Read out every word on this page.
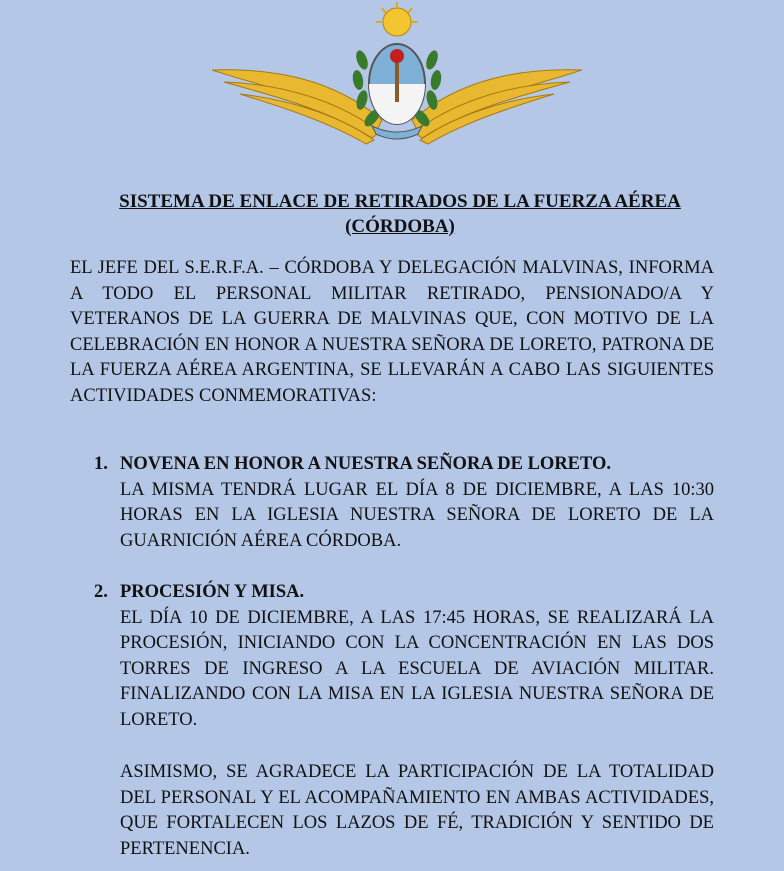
SISTEMA DE ENLACE DE RETIRADOS DE LA FUERZA AÉREA
(CÓRDOBA)
EL JEFE DEL S.E.R.F.A. – CÓRDOBA Y DELEGACIÓN MALVINAS, INFORMA A TODO EL PERSONAL MILITAR RETIRADO, PENSIONADO/A Y VETERANOS DE LA GUERRA DE MALVINAS QUE, CON MOTIVO DE LA CELEBRACIÓN EN HONOR A NUESTRA SEÑORA DE LORETO, PATRONA DE LA FUERZA AÉREA ARGENTINA, SE LLEVARÁN A CABO LAS SIGUIENTES ACTIVIDADES CONMEMORATIVAS:
1. NOVENA EN HONOR A NUESTRA SEÑORA DE LORETO.
LA MISMA TENDRÁ LUGAR EL DÍA 8 DE DICIEMBRE, A LAS 10:30 HORAS EN LA IGLESIA NUESTRA SEÑORA DE LORETO DE LA GUARNICIÓN AÉREA CÓRDOBA.
2. PROCESIÓN Y MISA.
EL DÍA 10 DE DICIEMBRE, A LAS 17:45 HORAS, SE REALIZARÁ LA PROCESIÓN, INICIANDO CON LA CONCENTRACIÓN EN LAS DOS TORRES DE INGRESO A LA ESCUELA DE AVIACIÓN MILITAR. FINALIZANDO CON LA MISA EN LA IGLESIA NUESTRA SEÑORA DE LORETO.
ASIMISMO, SE AGRADECE LA PARTICIPACIÓN DE LA TOTALIDAD DEL PERSONAL Y EL ACOMPAÑAMIENTO EN AMBAS ACTIVIDADES, QUE FORTALECEN LOS LAZOS DE FÉ, TRADICIÓN Y SENTIDO DE PERTENENCIA.
